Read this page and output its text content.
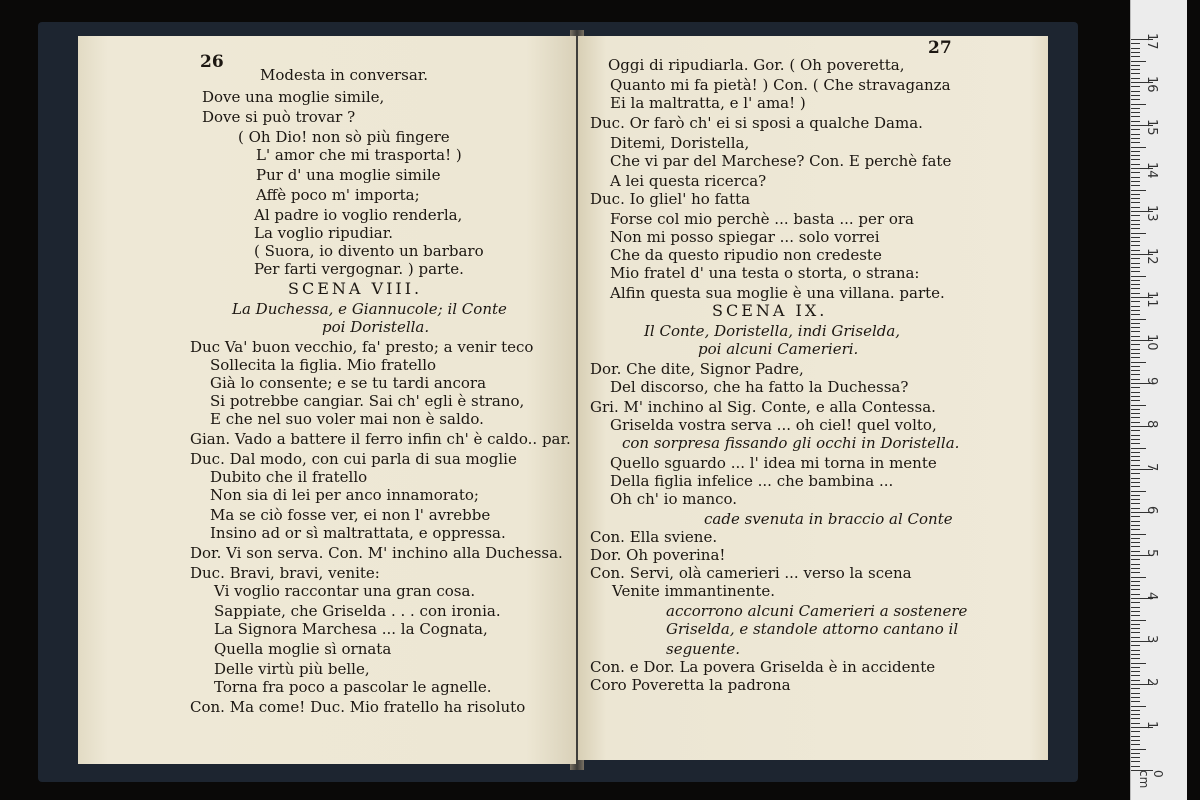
26
Modesta in conversar.
Dove una moglie simile,
Dove si può trovar ?
( Oh Dio! non sò più fingere
L' amor che mi trasporta! )
Pur d' una moglie simile
Affè poco m' importa;
Al padre io voglio renderla,
La voglio ripudiar.
( Suora, io divento un barbaro
Per farti vergognar. ) parte.
SCENA VIII.
La Duchessa, e Giannucole; il Conte
poi Doristella.
Duc Va' buon vecchio, fa' presto; a venir teco
Sollecita la figlia. Mio fratello
Già lo consente; e se tu tardi ancora
Si potrebbe cangiar. Sai ch' egli è strano,
E che nel suo voler mai non è saldo.
Gian. Vado a battere il ferro infin ch' è caldo.. par.
Duc. Dal modo, con cui parla di sua moglie
Dubito che il fratello
Non sia di lei per anco innamorato;
Ma se ciò fosse ver, ei non l' avrebbe
Insino ad or sì maltrattata, e oppressa.
Dor. Vi son serva. Con. M' inchino alla Duchessa.
Duc. Bravi, bravi, venite:
Vi voglio raccontar una gran cosa.
Sappiate, che Griselda . . . con ironia.
La Signora Marchesa ... la Cognata,
Quella moglie sì ornata
Delle virtù più belle,
Torna fra poco a pascolar le agnelle.
Con. Ma come! Duc. Mio fratello ha risoluto
27
Oggi di ripudiarla. Gor. ( Oh poveretta,
Quanto mi fa pietà! ) Con. ( Che stravaganza
Ei la maltratta, e l' ama! )
Duc. Or farò ch' ei si sposi a qualche Dama.
Ditemi, Doristella,
Che vi par del Marchese? Con. E perchè fate
A lei questa ricerca?
Duc. Io gliel' ho fatta
Forse col mio perchè ... basta ... per ora
Non mi posso spiegar ... solo vorrei
Che da questo ripudio non credeste
Mio fratel d' una testa o storta, o strana:
Alfin questa sua moglie è una villana. parte.
SCENA IX.
Il Conte, Doristella, indi Griselda,
poi alcuni Camerieri.
Dor. Che dite, Signor Padre,
Del discorso, che ha fatto la Duchessa?
Gri. M' inchino al Sig. Conte, e alla Contessa.
Griselda vostra serva ... oh ciel! quel volto,
con sorpresa fissando gli occhi in Doristella.
Quello sguardo ... l' idea mi torna in mente
Della figlia infelice ... che bambina ...
Oh ch' io manco.
cade svenuta in braccio al Conte
Con. Ella sviene.
Dor. Oh poverina!
Con. Servi, olà camerieri ... verso la scena
Venite immantinente.
accorrono alcuni Camerieri a sostenere
Griselda, e standole attorno cantano il
seguente.
Con. e Dor. La povera Griselda è in accidente
Coro Poveretta la padrona
17
16
15
14
13
12
11
10
9
8
7
6
5
4
3
2
1
0 cm
